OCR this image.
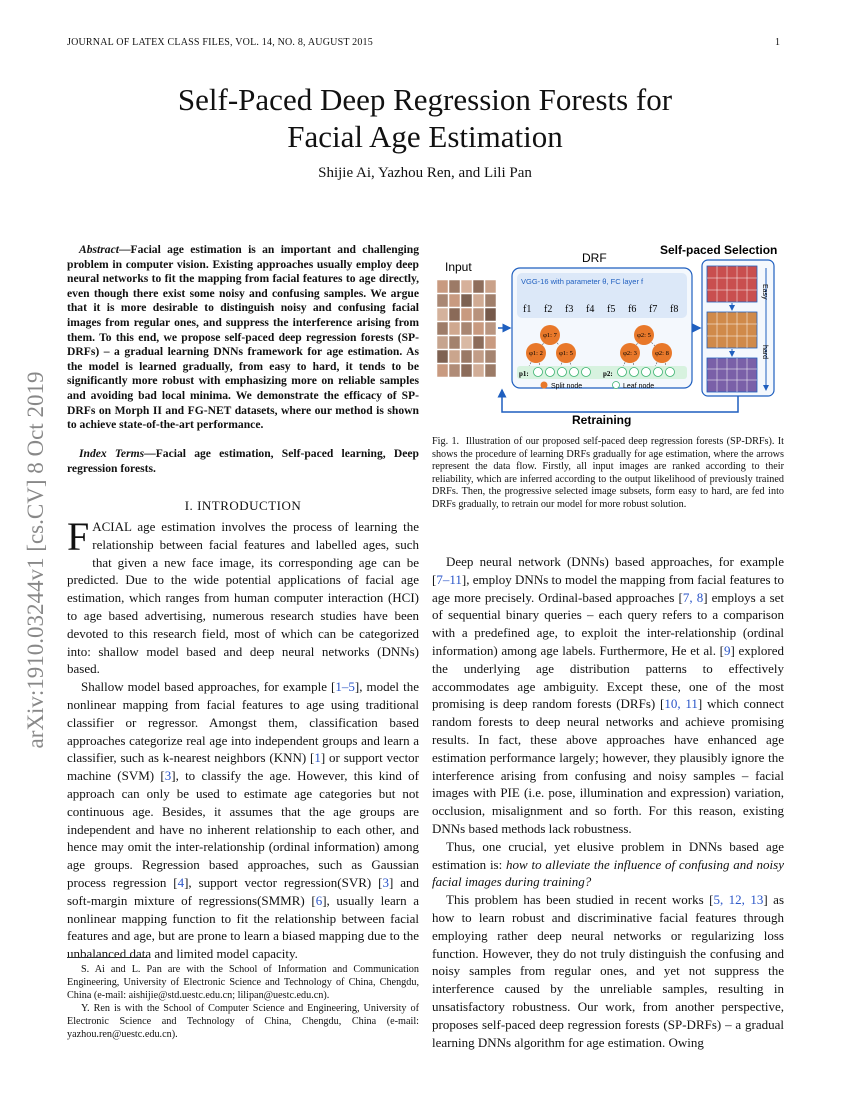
JOURNAL OF LATEX CLASS FILES, VOL. 14, NO. 8, AUGUST 2015	1
arXiv:1910.03244v1 [cs.CV] 8 Oct 2019
Self-Paced Deep Regression Forests for
Facial Age Estimation
Shijie Ai, Yazhou Ren, and Lili Pan
Abstract—Facial age estimation is an important and challenging problem in computer vision. Existing approaches usually employ deep neural networks to fit the mapping from facial features to age directly, even though there exist some noisy and confusing samples. We argue that it is more desirable to distinguish noisy and confusing facial images from regular ones, and suppress the interference arising from them. To this end, we propose self-paced deep regression forests (SP-DRFs) – a gradual learning DNNs framework for age estimation. As the model is learned gradually, from easy to hard, it tends to be significantly more robust with emphasizing more on reliable samples and avoiding bad local minima. We demonstrate the efficacy of SP-DRFs on Morph II and FG-NET datasets, where our method is shown to achieve state-of-the-art performance.
Index Terms—Facial age estimation, Self-paced learning, Deep regression forests.
I. INTRODUCTION

FACIAL age estimation involves the process of learning the relationship between facial features and labelled ages, such that given a new face image, its corresponding age can be predicted. Due to the wide potential applications of facial age estimation, which ranges from human computer interaction (HCI) to age based advertising, numerous research studies have been devoted to this research field, most of which can be categorized into: shallow model based and deep neural networks (DNNs) based.

Shallow model based approaches, for example [1–5], model the nonlinear mapping from facial features to age using traditional classifier or regressor. Amongst them, classification based approaches categorize real age into independent groups and learn a classifier, such as k-nearest neighbors (KNN) [1] or support vector machine (SVM) [3], to classify the age. However, this kind of approach can only be used to estimate age categories but not continuous age. Besides, it assumes that the age groups are independent and have no inherent relationship to each other, and hence may omit the inter-relationship (ordinal information) among age groups. Regression based approaches, such as Gaussian process regression [4], support vector regression(SVR) [3] and soft-margin mixture of regressions(SMMR) [6], usually learn a nonlinear mapping function to fit the relationship between facial features and age, but are prone to learn a biased mapping due to the unbalanced data and limited model capacity.

S. Ai and L. Pan are with the School of Information and Communication Engineering, University of Electronic Science and Technology of China, Chengdu, China (e-mail: aishijie@std.uestc.edu.cn; lilipan@uestc.edu.cn).

Y. Ren is with the School of Computer Science and Engineering, University of Electronic Science and Technology of China, Chengdu, China (e-mail: yazhou.ren@uestc.edu.cn).

Input
DRF
VGG-16 with parameter θ, FC layer f
f1 f2 f3 f4 f5 f6 f7 f8
φ1: 7	φ2: 5
φ1: 2	φ1: 5	φ2: 3	φ2: 8
p1:	p2:
Split node	Leaf node
Self-paced Selection
Easy
hard
Retraining
Fig. 1. Illustration of our proposed self-paced deep regression forests (SP-DRFs). It shows the procedure of learning DRFs gradually for age estimation, where the arrows represent the data flow. Firstly, all input images are ranked according to their reliability, which are inferred according to the output likelihood of previously trained DRFs. Then, the progressive selected image subsets, form easy to hard, are fed into DRFs gradually, to retrain our model for more robust solution.

Deep neural network (DNNs) based approaches, for example [7–11], employ DNNs to model the mapping from facial features to age more precisely. Ordinal-based approaches [7, 8] employs a set of sequential binary queries – each query refers to a comparison with a predefined age, to exploit the inter-relationship (ordinal information) among age labels. Furthermore, He et al. [9] explored the underlying age distribution patterns to effectively accommodates age ambiguity. Except these, one of the most promising is deep random forests (DRFs) [10, 11] which connect random forests to deep neural networks and achieve promising results. In fact, these above approaches have enhanced age estimation performance largely; however, they plausibly ignore the interference arising from confusing and noisy samples – facial images with PIE (i.e. pose, illumination and expression) variation, occlusion, misalignment and so forth. For this reason, existing DNNs based methods lack robustness.

Thus, one crucial, yet elusive problem in DNNs based age estimation is: how to alleviate the influence of confusing and noisy facial images during training?

This problem has been studied in recent works [5, 12, 13] as how to learn robust and discriminative facial features through employing rather deep neural networks or regularizing loss function. However, they do not truly distinguish the confusing and noisy samples from regular ones, and yet not suppress the interference caused by the unreliable samples, resulting in unsatisfactory robustness. Our work, from another perspective, proposes self-paced deep regression forests (SP-DRFs) – a gradual learning DNNs algorithm for age estimation. Owing
